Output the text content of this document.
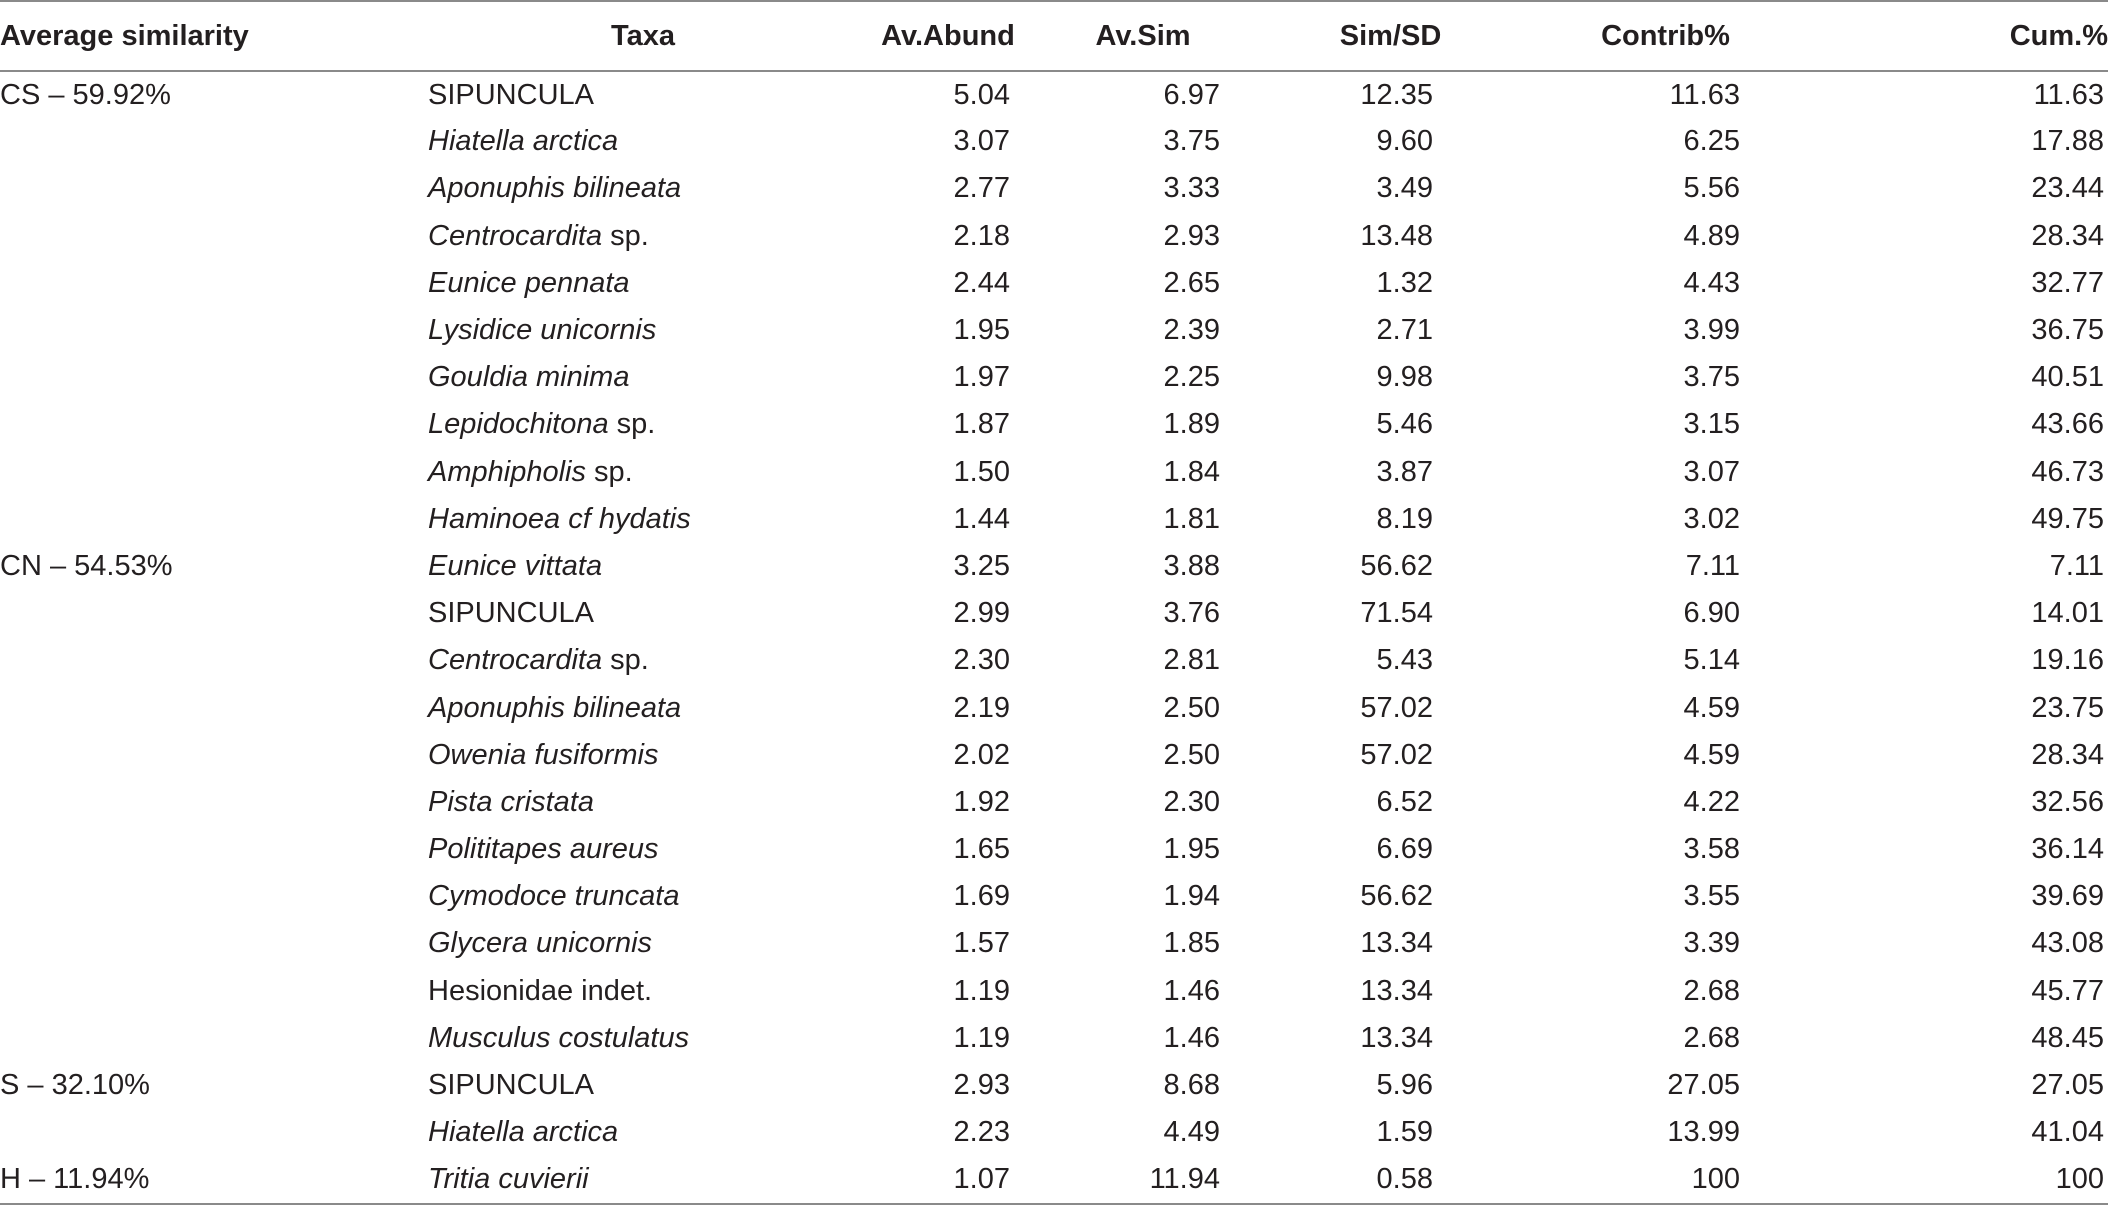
Average similarity	Taxa	Av.Abund	Av.Sim	Sim/SD	Contrib%	Cum.%
CS – 59.92%	SIPUNCULA	5.04	6.97	12.35	11.63	11.63
	Hiatella arctica	3.07	3.75	9.60	6.25	17.88
	Aponuphis bilineata	2.77	3.33	3.49	5.56	23.44
	Centrocardita sp.	2.18	2.93	13.48	4.89	28.34
	Eunice pennata	2.44	2.65	1.32	4.43	32.77
	Lysidice unicornis	1.95	2.39	2.71	3.99	36.75
	Gouldia minima	1.97	2.25	9.98	3.75	40.51
	Lepidochitona sp.	1.87	1.89	5.46	3.15	43.66
	Amphipholis sp.	1.50	1.84	3.87	3.07	46.73
	Haminoea cf hydatis	1.44	1.81	8.19	3.02	49.75
CN – 54.53%	Eunice vittata	3.25	3.88	56.62	7.11	7.11
	SIPUNCULA	2.99	3.76	71.54	6.90	14.01
	Centrocardita sp.	2.30	2.81	5.43	5.14	19.16
	Aponuphis bilineata	2.19	2.50	57.02	4.59	23.75
	Owenia fusiformis	2.02	2.50	57.02	4.59	28.34
	Pista cristata	1.92	2.30	6.52	4.22	32.56
	Polititapes aureus	1.65	1.95	6.69	3.58	36.14
	Cymodoce truncata	1.69	1.94	56.62	3.55	39.69
	Glycera unicornis	1.57	1.85	13.34	3.39	43.08
	Hesionidae indet.	1.19	1.46	13.34	2.68	45.77
	Musculus costulatus	1.19	1.46	13.34	2.68	48.45
S – 32.10%	SIPUNCULA	2.93	8.68	5.96	27.05	27.05
	Hiatella arctica	2.23	4.49	1.59	13.99	41.04
H – 11.94%	Tritia cuvierii	1.07	11.94	0.58	100	100
